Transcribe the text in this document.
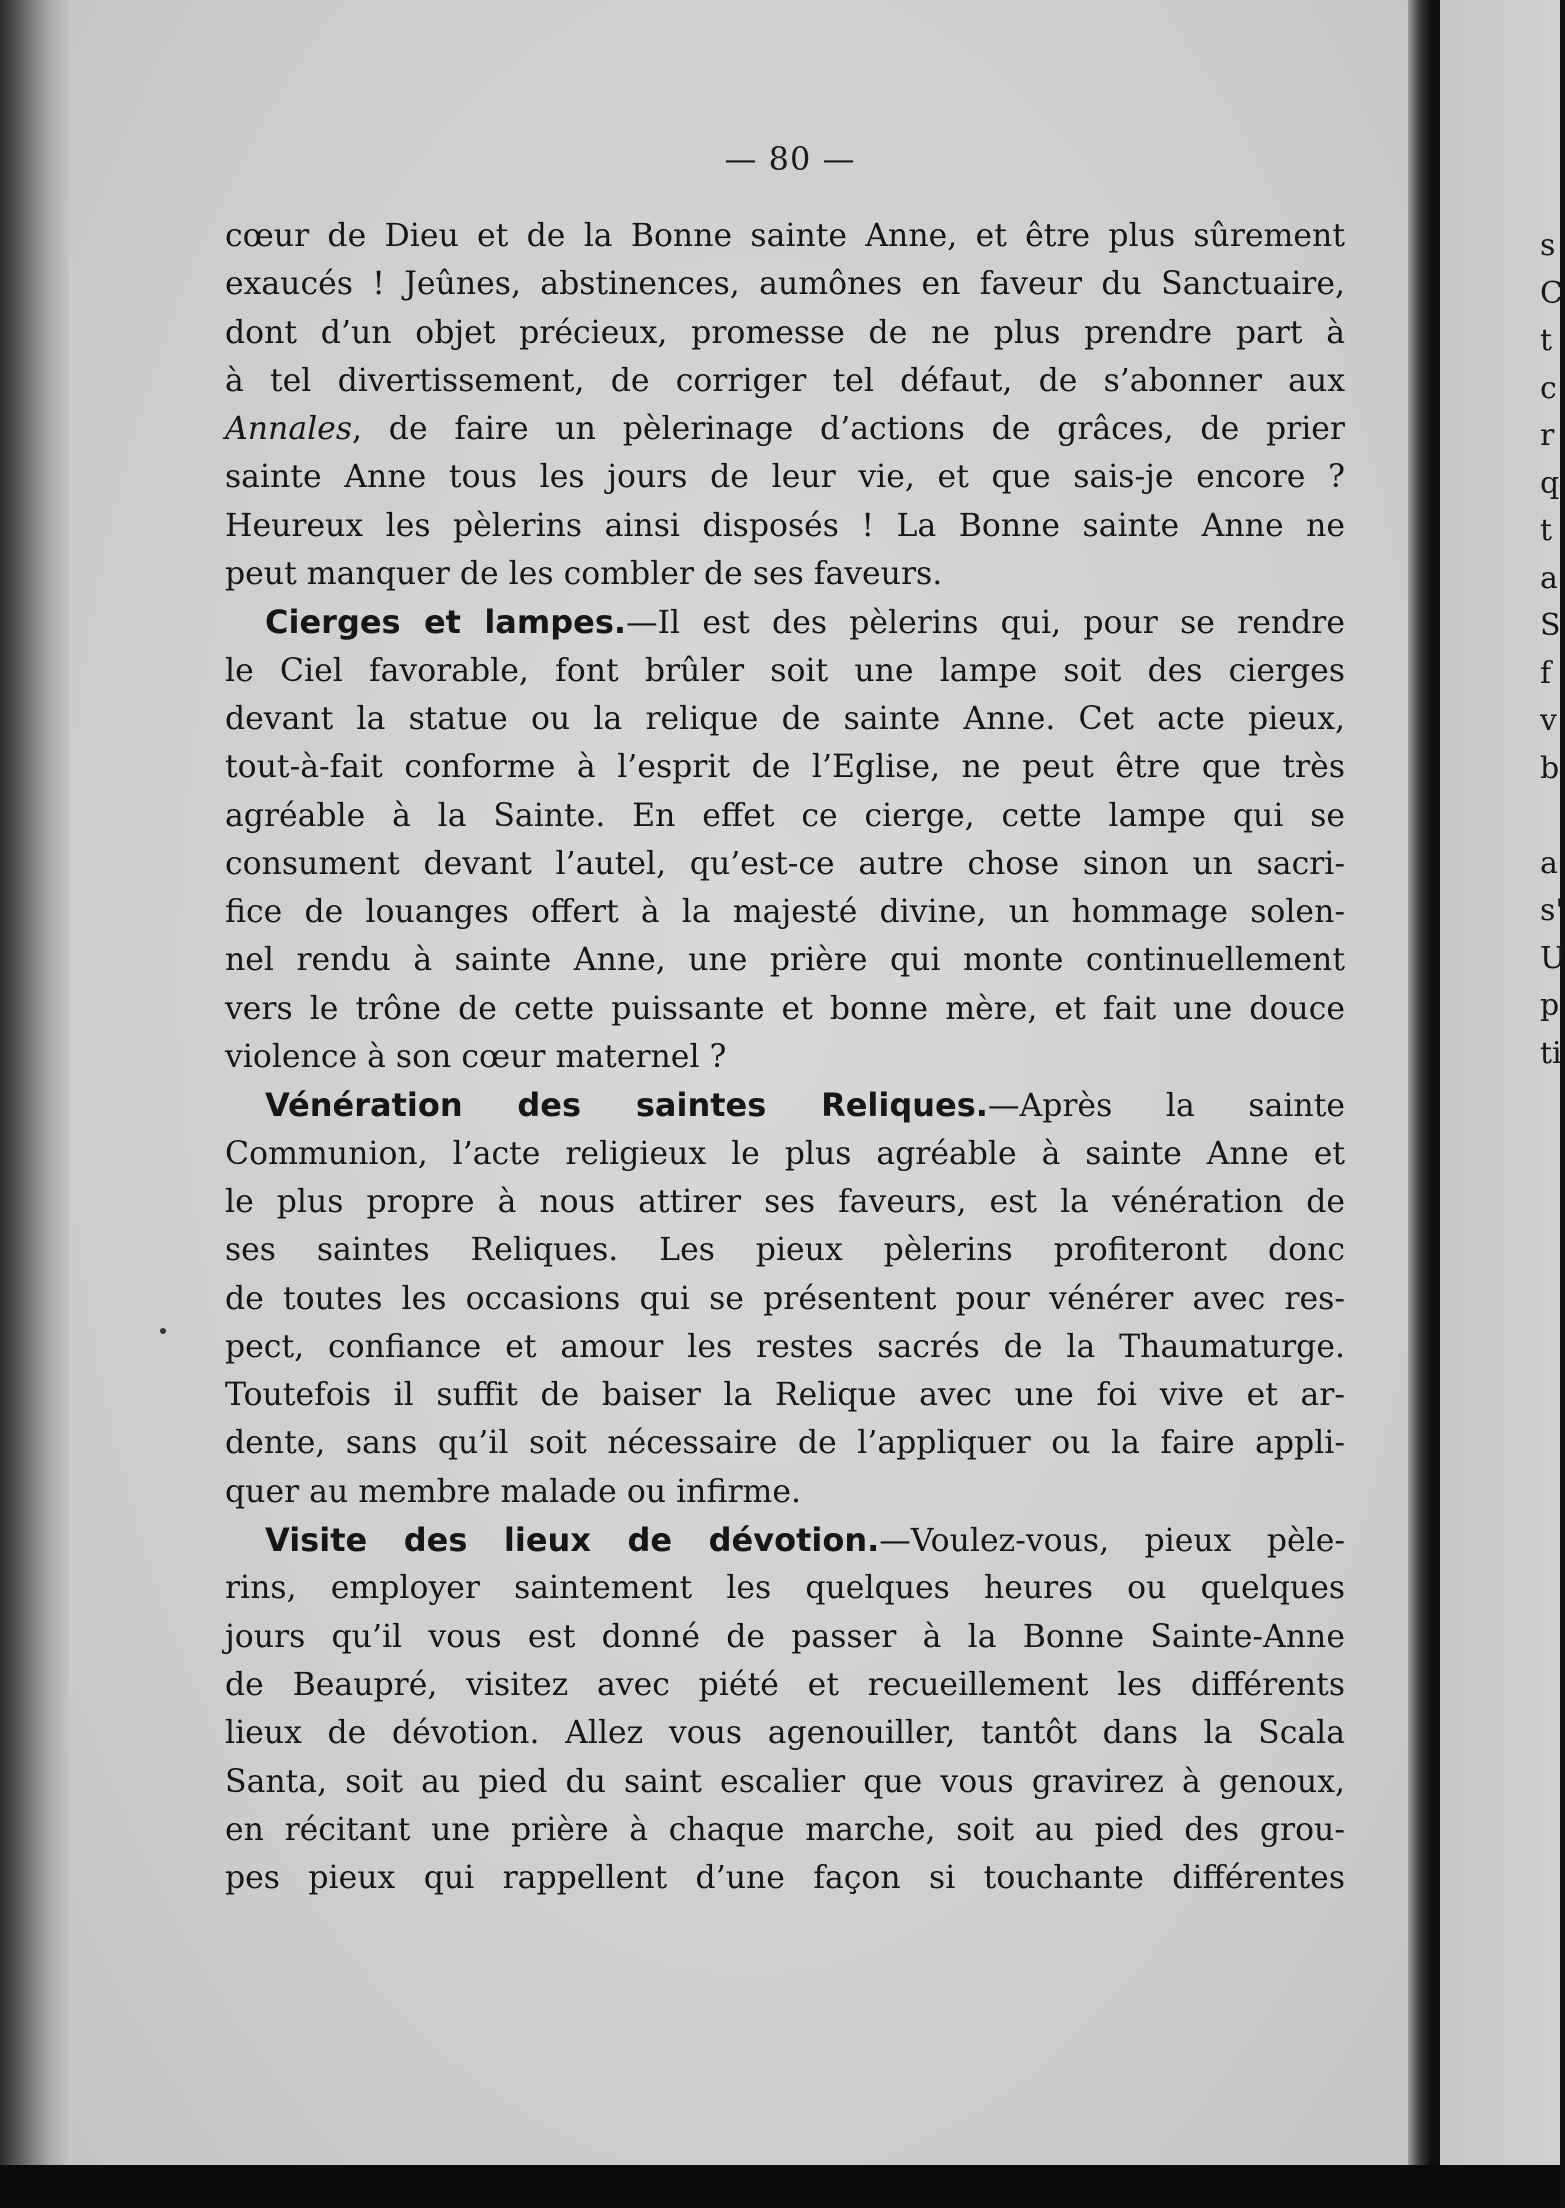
— 80 —
cœur de Dieu et de la Bonne sainte Anne, et être plus sûrement
exaucés ! Jeûnes, abstinences, aumônes en faveur du Sanctuaire,
dont d’un objet précieux, promesse de ne plus prendre part à
à tel divertissement, de corriger tel défaut, de s’abonner aux
Annales, de faire un pèlerinage d’actions de grâces, de prier
sainte Anne tous les jours de leur vie, et que sais-je encore ?
Heureux les pèlerins ainsi disposés ! La Bonne sainte Anne ne
peut manquer de les combler de ses faveurs.
Cierges et lampes.—Il est des pèlerins qui, pour se rendre
le Ciel favorable, font brûler soit une lampe soit des cierges
devant la statue ou la relique de sainte Anne. Cet acte pieux,
tout-à-fait conforme à l’esprit de l’Eglise, ne peut être que très
agréable à la Sainte. En effet ce cierge, cette lampe qui se
consument devant l’autel, qu’est-ce autre chose sinon un sacri-
fice de louanges offert à la majesté divine, un hommage solen-
nel rendu à sainte Anne, une prière qui monte continuellement
vers le trône de cette puissante et bonne mère, et fait une douce
violence à son cœur maternel ?
Vénération des saintes Reliques.—Après la sainte
Communion, l’acte religieux le plus agréable à sainte Anne et
le plus propre à nous attirer ses faveurs, est la vénération de
ses saintes Reliques. Les pieux pèlerins profiteront donc
de toutes les occasions qui se présentent pour vénérer avec res-
pect, confiance et amour les restes sacrés de la Thaumaturge.
Toutefois il suffit de baiser la Relique avec une foi vive et ar-
dente, sans qu’il soit nécessaire de l’appliquer ou la faire appli-
quer au membre malade ou infirme.
Visite des lieux de dévotion.—Voulez-vous, pieux pèle-
rins, employer saintement les quelques heures ou quelques
jours qu’il vous est donné de passer à la Bonne Sainte-Anne
de Beaupré, visitez avec piété et recueillement les différents
lieux de dévotion. Allez vous agenouiller, tantôt dans la Scala
Santa, soit au pied du saint escalier que vous gravirez à genoux,
en récitant une prière à chaque marche, soit au pied des grou-
pes pieux qui rappellent d’une façon si touchante différentes
s
C
t
c
r
q
t
a
S
f
v
b
a
s'
U
p
ti
